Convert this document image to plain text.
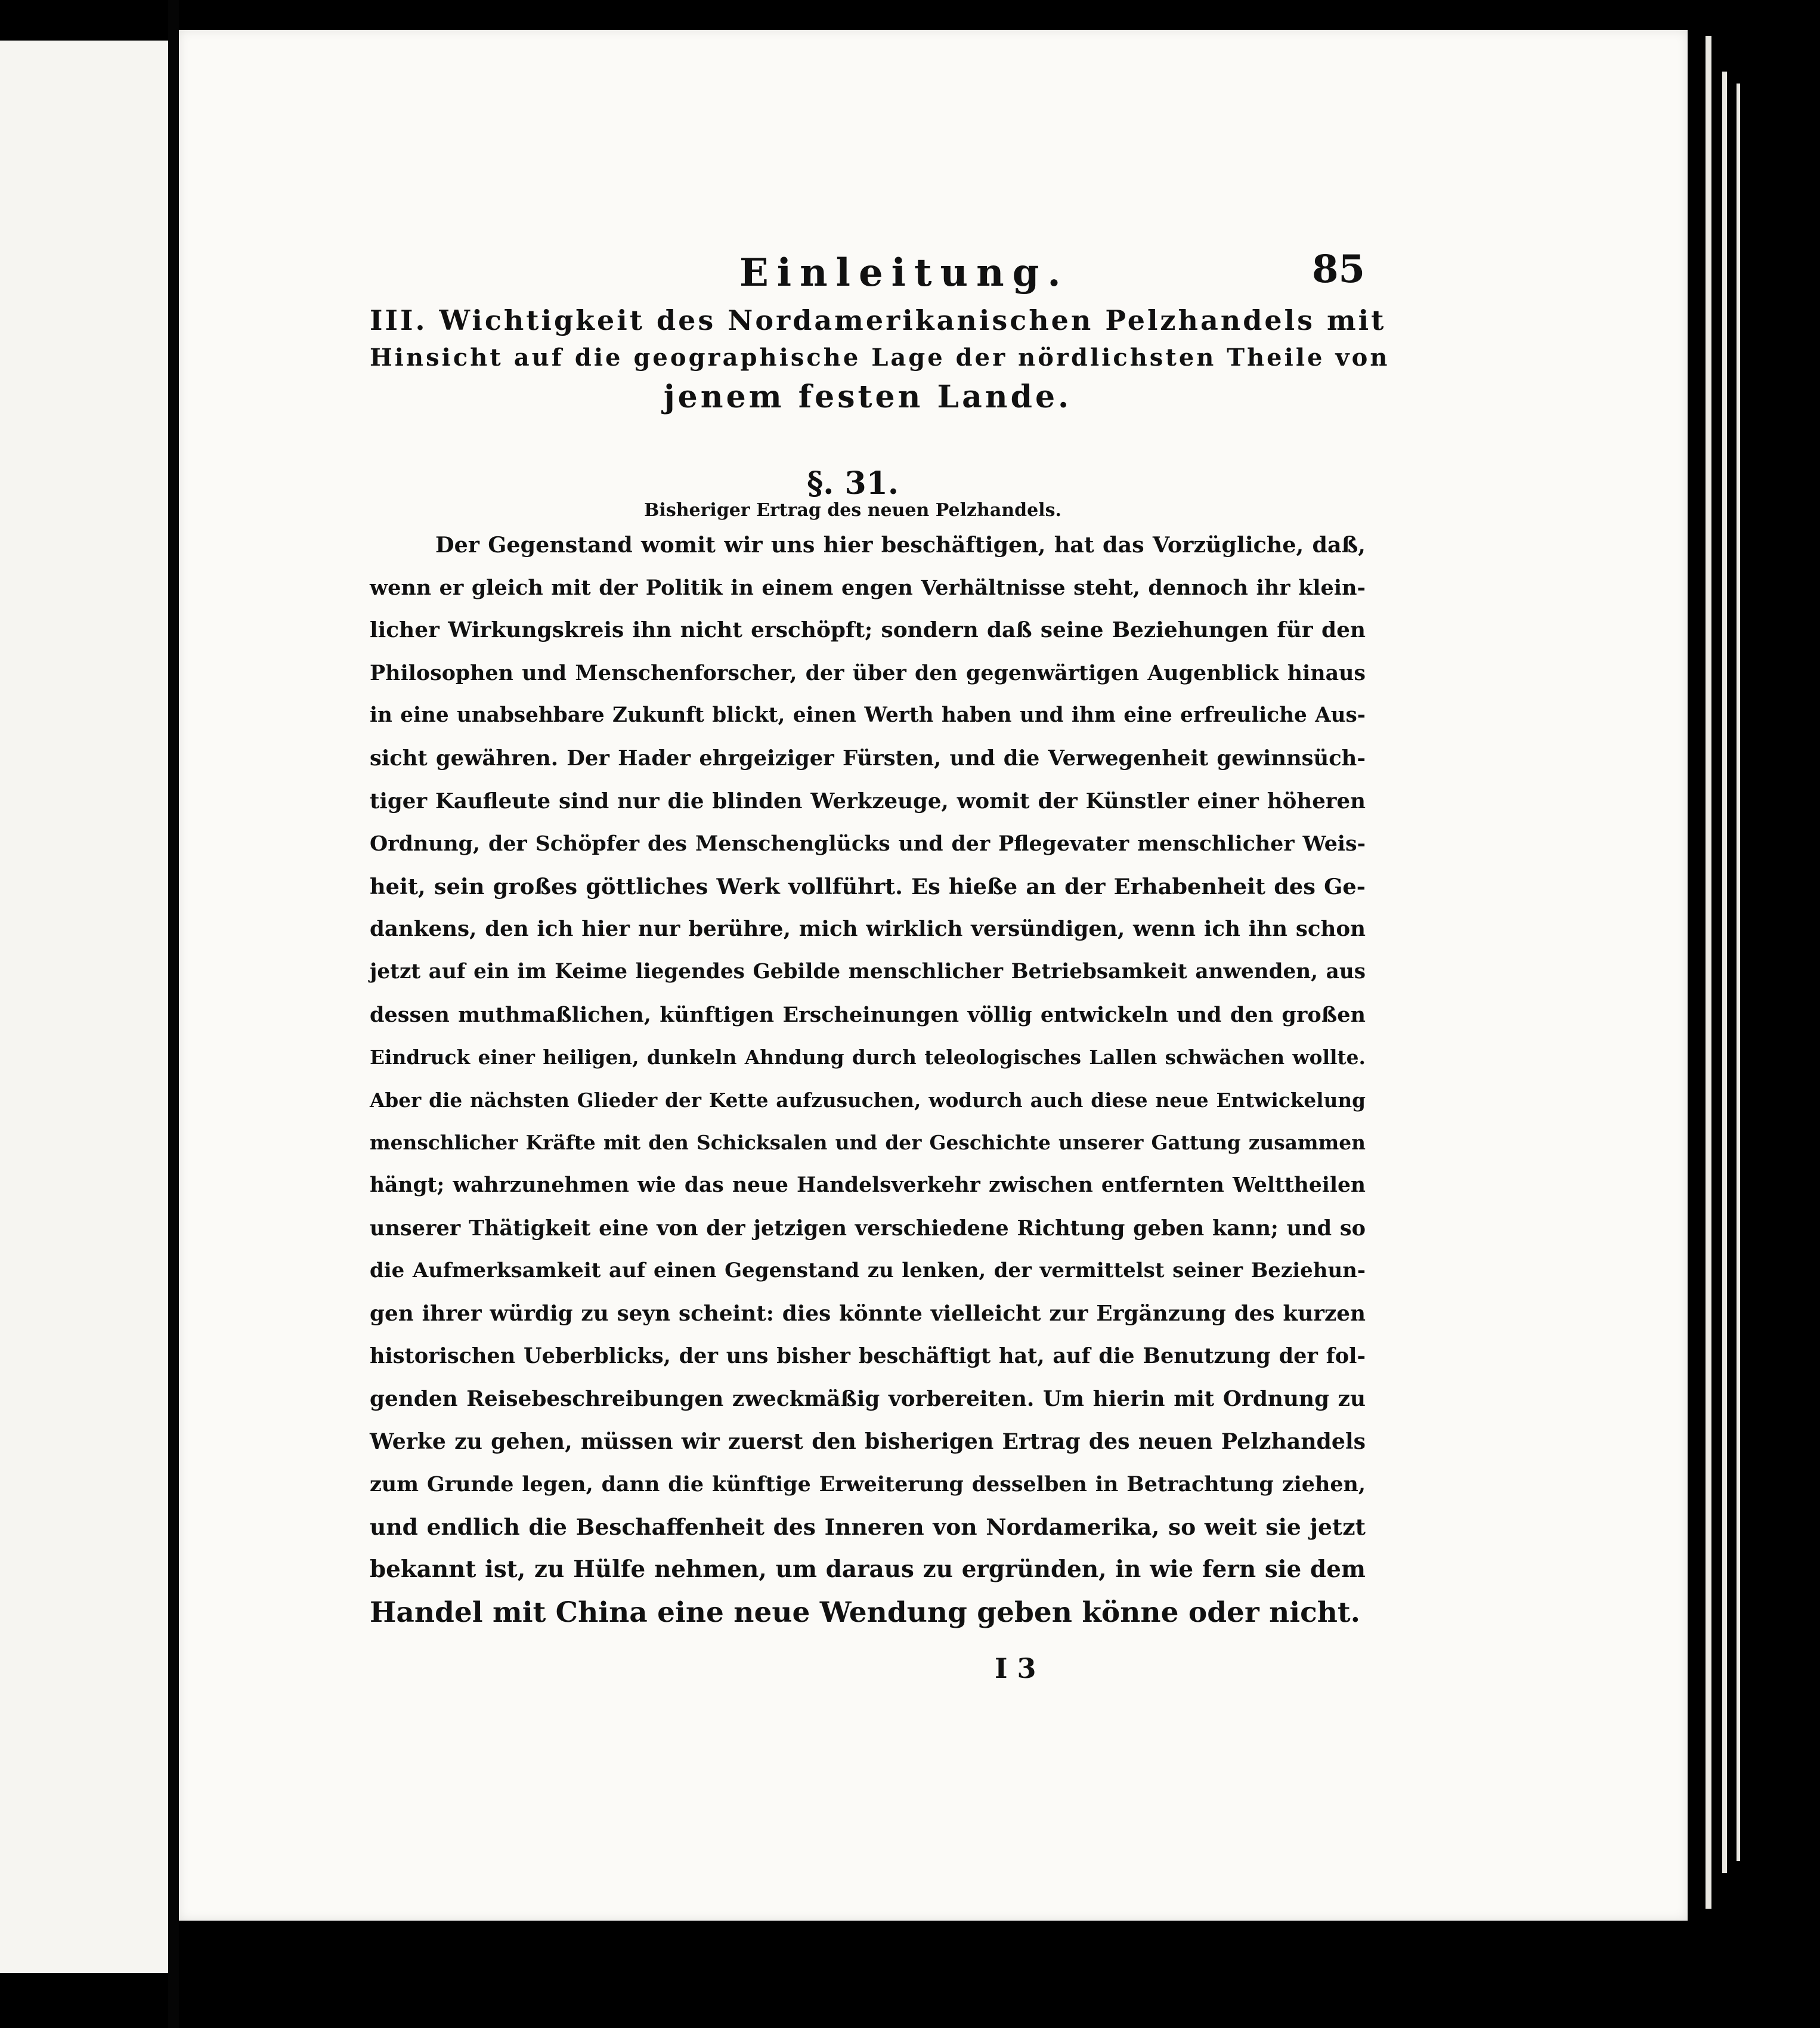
Einleitung.	85
III. Wichtigkeit des Nordamerikanischen Pelzhandels mit
Hinsicht auf die geographische Lage der nördlichsten Theile von
jenem festen Lande.
§. 31.
Bisheriger Ertrag des neuen Pelzhandels.
Der Gegenstand womit wir uns hier beschäftigen, hat das Vorzügliche, daß,
wenn er gleich mit der Politik in einem engen Verhältnisse steht, dennoch ihr klein-
licher Wirkungskreis ihn nicht erschöpft; sondern daß seine Beziehungen für den
Philosophen und Menschenforscher, der über den gegenwärtigen Augenblick hinaus
in eine unabsehbare Zukunft blickt, einen Werth haben und ihm eine erfreuliche Aus-
sicht gewähren. Der Hader ehrgeiziger Fürsten, und die Verwegenheit gewinnsüch-
tiger Kaufleute sind nur die blinden Werkzeuge, womit der Künstler einer höheren
Ordnung, der Schöpfer des Menschenglücks und der Pflegevater menschlicher Weis-
heit, sein großes göttliches Werk vollführt. Es hieße an der Erhabenheit des Ge-
dankens, den ich hier nur berühre, mich wirklich versündigen, wenn ich ihn schon
jetzt auf ein im Keime liegendes Gebilde menschlicher Betriebsamkeit anwenden, aus
dessen muthmaßlichen, künftigen Erscheinungen völlig entwickeln und den großen
Eindruck einer heiligen, dunkeln Ahndung durch teleologisches Lallen schwächen wollte.
Aber die nächsten Glieder der Kette aufzusuchen, wodurch auch diese neue Entwickelung
menschlicher Kräfte mit den Schicksalen und der Geschichte unserer Gattung zusammen
hängt; wahrzunehmen wie das neue Handelsverkehr zwischen entfernten Welttheilen
unserer Thätigkeit eine von der jetzigen verschiedene Richtung geben kann; und so
die Aufmerksamkeit auf einen Gegenstand zu lenken, der vermittelst seiner Beziehun-
gen ihrer würdig zu seyn scheint: dies könnte vielleicht zur Ergänzung des kurzen
historischen Ueberblicks, der uns bisher beschäftigt hat, auf die Benutzung der fol-
genden Reisebeschreibungen zweckmäßig vorbereiten. Um hierin mit Ordnung zu
Werke zu gehen, müssen wir zuerst den bisherigen Ertrag des neuen Pelzhandels
zum Grunde legen, dann die künftige Erweiterung desselben in Betrachtung ziehen,
und endlich die Beschaffenheit des Inneren von Nordamerika, so weit sie jetzt
bekannt ist, zu Hülfe nehmen, um daraus zu ergründen, in wie fern sie dem
Handel mit China eine neue Wendung geben könne oder nicht.
I 3
